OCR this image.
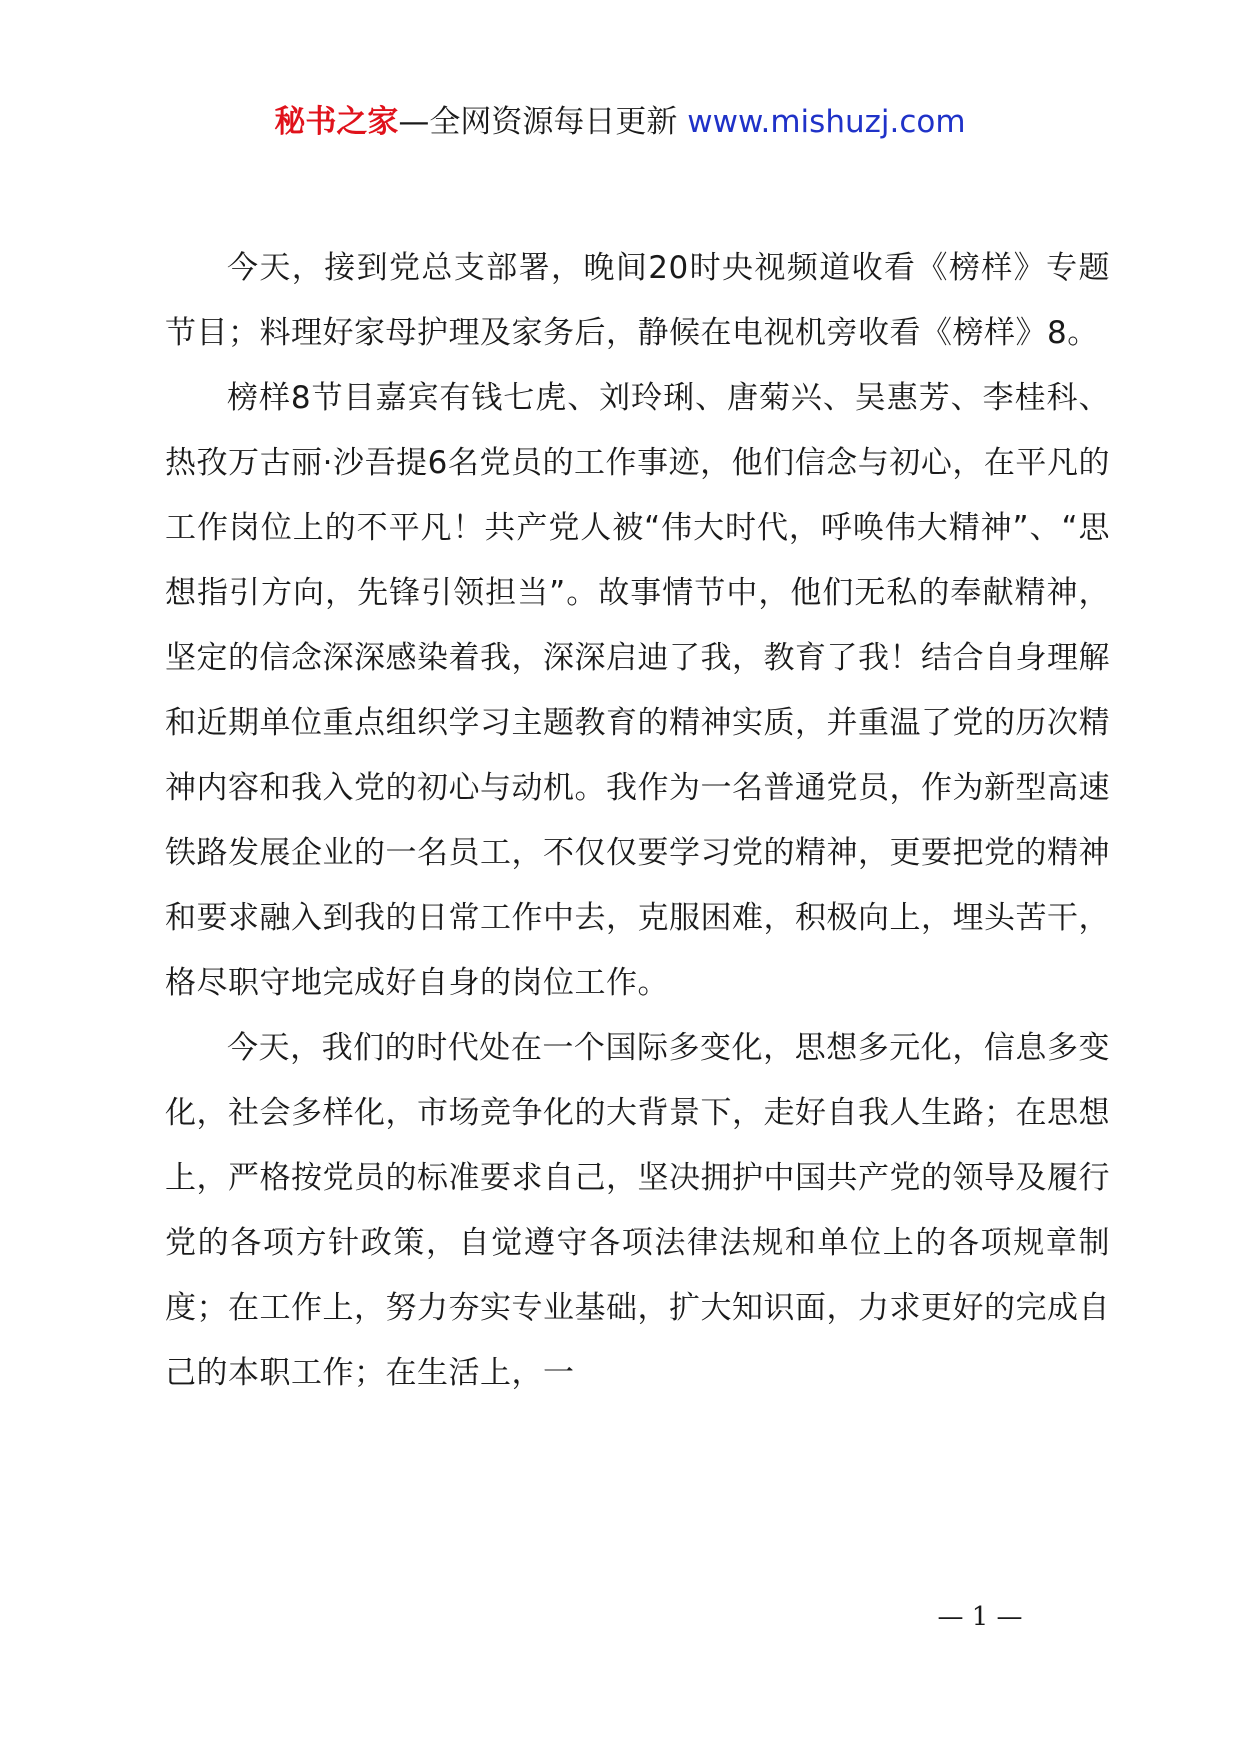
秘书之家—全网资源每日更新 www.mishuzj.com

今天，接到党总支部署，晚间20时央视频道收看《榜样》专题节目；料理好家母护理及家务后，静候在电视机旁收看《榜样》8。

榜样8节目嘉宾有钱七虎、刘玲琍、唐菊兴、吴惠芳、李桂科、热孜万古丽·沙吾提6名党员的工作事迹，他们信念与初心，在平凡的工作岗位上的不平凡！共产党人被“伟大时代，呼唤伟大精神”、“思想指引方向，先锋引领担当”。故事情节中，他们无私的奉献精神，坚定的信念深深感染着我，深深启迪了我，教育了我！结合自身理解和近期单位重点组织学习主题教育的精神实质，并重温了党的历次精神内容和我入党的初心与动机。我作为一名普通党员，作为新型高速铁路发展企业的一名员工，不仅仅要学习党的精神，更要把党的精神和要求融入到我的日常工作中去，克服困难，积极向上，埋头苦干，格尽职守地完成好自身的岗位工作。

今天，我们的时代处在一个国际多变化，思想多元化，信息多变化，社会多样化，市场竞争化的大背景下，走好自我人生路；在思想上，严格按党员的标准要求自己，坚决拥护中国共产党的领导及履行党的各项方针政策，自觉遵守各项法律法规和单位上的各项规章制度；在工作上，努力夯实专业基础，扩大知识面，力求更好的完成自己的本职工作；在生活上，一

— 1 —
